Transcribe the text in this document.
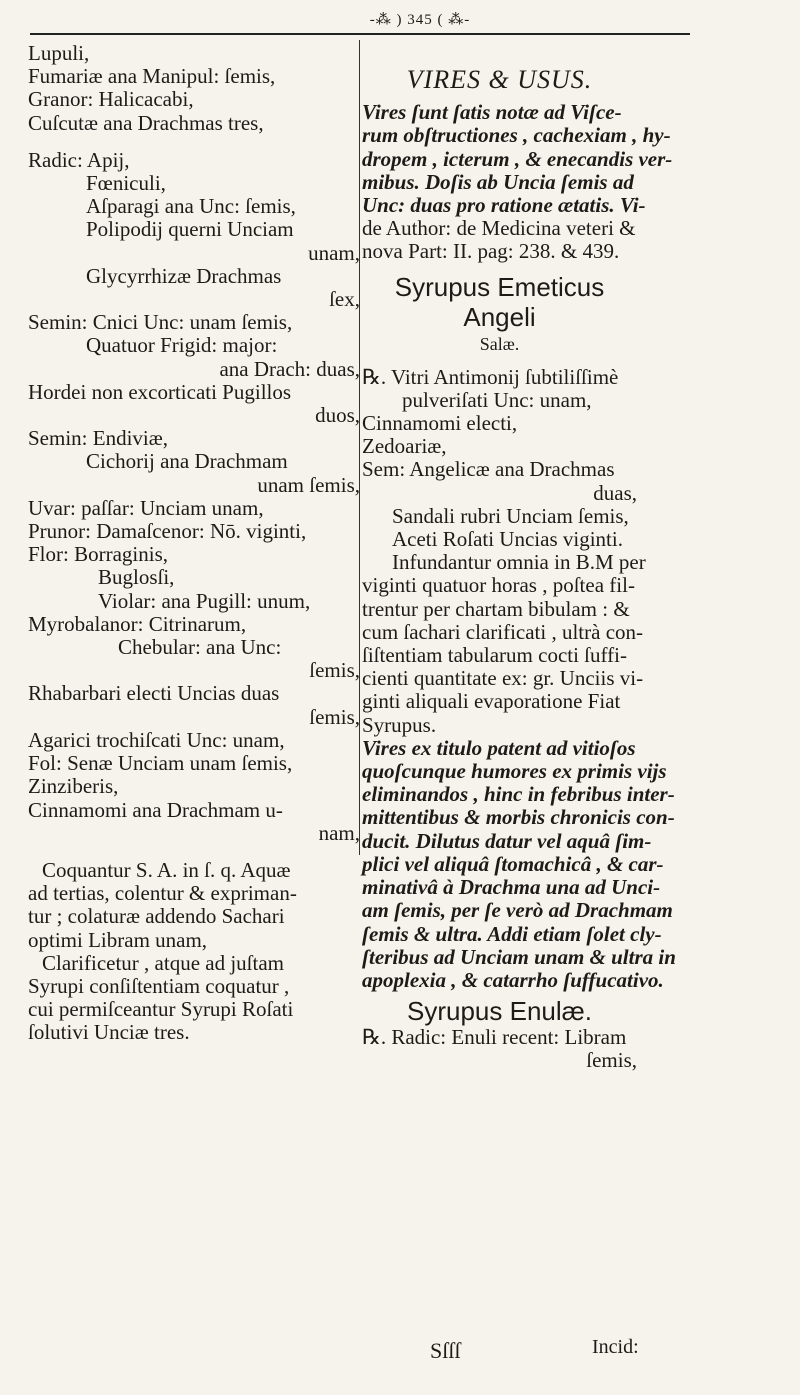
-⁂ ) 345 ( ⁂-
Lupuli,
Fumariæ ana Manipul: ſemis,
Granor: Halicacabi,
Cuſcutæ ana Drachmas tres,
Radic: Apij,
Fœniculi,
Aſparagi ana Unc: ſemis,
Polipodij querni Unciam
unam,
Glycyrrhizæ Drachmas
ſex,
Semin: Cnici Unc: unam ſemis,
Quatuor Frigid: major:
ana Drach: duas,
Hordei non excorticati Pugillos
duos,
Semin: Endiviæ,
Cichorij ana Drachmam
unam ſemis,
Uvar: paſſar: Unciam unam,
Prunor: Damaſcenor: Nō. viginti,
Flor: Borraginis,
Buglosſi,
Violar: ana Pugill: unum,
Myrobalanor: Citrinarum,
Chebular: ana Unc:
ſemis,
Rhabarbari electi Uncias duas
ſemis,
Agarici trochiſcati Unc: unam,
Fol: Senæ Unciam unam ſemis,
Zinziberis,
Cinnamomi ana Drachmam u-
nam,
Coquantur S. A. in ſ. q. Aquæ
ad tertias, colentur & expriman-
tur ; colaturæ addendo Sachari
optimi Libram unam,
Clarificetur , atque ad juſtam
Syrupi conſiſtentiam coquatur ,
cui permiſceantur Syrupi Roſati
ſolutivi Unciæ tres.
VIRES & USUS.
Vires ſunt ſatis notæ ad Viſce-
rum obſtructiones , cachexiam , hy-
dropem , icterum , & enecandis ver-
mibus. Doſis ab Uncia ſemis ad
Unc: duas pro ratione ætatis. Vi-
de Author: de Medicina veteri &
nova Part: II. pag: 238. & 439.
Syrupus Emeticus Angeli
Salæ.
℞. Vitri Antimonij ſubtiliſſimè
pulveriſati Unc: unam,
Cinnamomi electi,
Zedoariæ,
Sem: Angelicæ ana Drachmas
duas,
Sandali rubri Unciam ſemis,
Aceti Roſati Uncias viginti.
Infundantur omnia in B.M per
viginti quatuor horas , poſtea fil-
trentur per chartam bibulam : &
cum ſachari clarificati , ultrà con-
ſiſtentiam tabularum cocti ſuffi-
cienti quantitate ex: gr. Unciis vi-
ginti aliquali evaporatione Fiat
Syrupus.
Vires ex titulo patent ad vitioſos
quoſcunque humores ex primis vijs
eliminandos , hinc in febribus inter-
mittentibus & morbis chronicis con-
ducit. Dilutus datur vel aquâ ſim-
plici vel aliquâ ſtomachicâ , & car-
minativâ à Drachma una ad Unci-
am ſemis, per ſe verò ad Drachmam
ſemis & ultra. Addi etiam ſolet cly-
ſteribus ad Unciam unam & ultra in
apoplexia , & catarrho ſuffucativo.
Syrupus Enulæ.
℞. Radic: Enuli recent: Libram
ſemis,
Sſſſ	Incid:
